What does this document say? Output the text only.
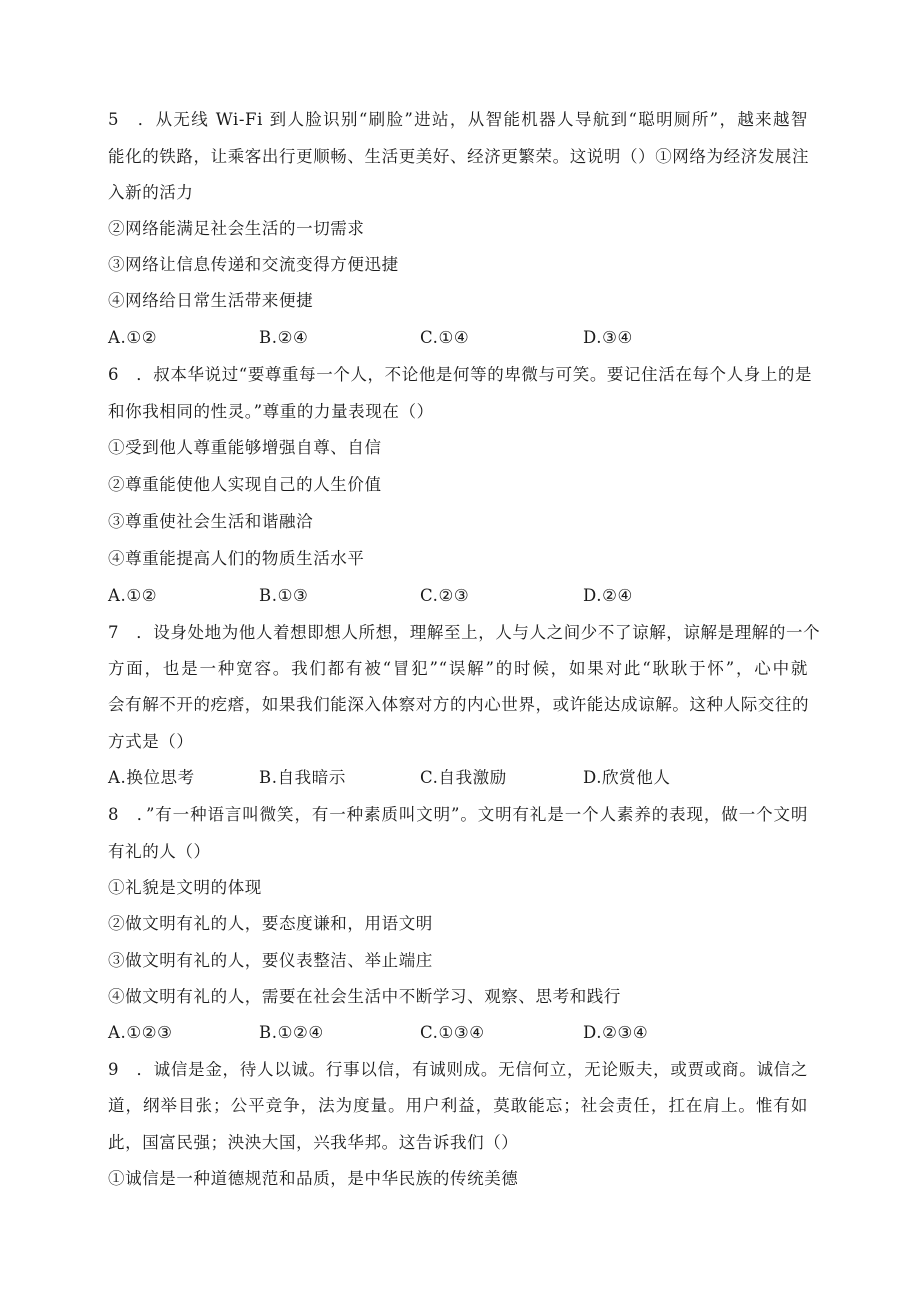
5　．从无线 Wi-Fi 到人脸识别“刷脸”进站，从智能机器人导航到“聪明厕所”，越来越智
能化的铁路，让乘客出行更顺畅、生活更美好、经济更繁荣。这说明（）①网络为经济发展注
入新的活力
②网络能满足社会生活的一切需求
③网络让信息传递和交流变得方便迅捷
④网络给日常生活带来便捷
A.①②	B.②④	C.①④	D.③④
6　．叔本华说过“要尊重每一个人，不论他是何等的卑微与可笑。要记住活在每个人身上的是
和你我相同的性灵。”尊重的力量表现在（）
①受到他人尊重能够增强自尊、自信
②尊重能使他人实现自己的人生价值
③尊重使社会生活和谐融洽
④尊重能提高人们的物质生活水平
A.①②	B.①③	C.②③	D.②④
7　．设身处地为他人着想即想人所想，理解至上，人与人之间少不了谅解，谅解是理解的一个
方面，也是一种宽容。我们都有被“冒犯”“误解”的时候，如果对此“耿耿于怀”，心中就
会有解不开的疙瘩，如果我们能深入体察对方的内心世界，或许能达成谅解。这种人际交往的
方式是（）
A.换位思考	B.自我暗示	C.自我激励	D.欣赏他人
8　．”有一种语言叫微笑，有一种素质叫文明”。文明有礼是一个人素养的表现，做一个文明
有礼的人（）
①礼貌是文明的体现
②做文明有礼的人，要态度谦和，用语文明
③做文明有礼的人，要仪表整洁、举止端庄
④做文明有礼的人，需要在社会生活中不断学习、观察、思考和践行
A.①②③	B.①②④	C.①③④	D.②③④
9　．诚信是金，待人以诚。行事以信，有诚则成。无信何立，无论贩夫，或贾或商。诚信之
道，纲举目张；公平竞争，法为度量。用户利益，莫敢能忘；社会责任，扛在肩上。惟有如
此，国富民强；泱泱大国，兴我华邦。这告诉我们（）
①诚信是一种道德规范和品质，是中华民族的传统美德
